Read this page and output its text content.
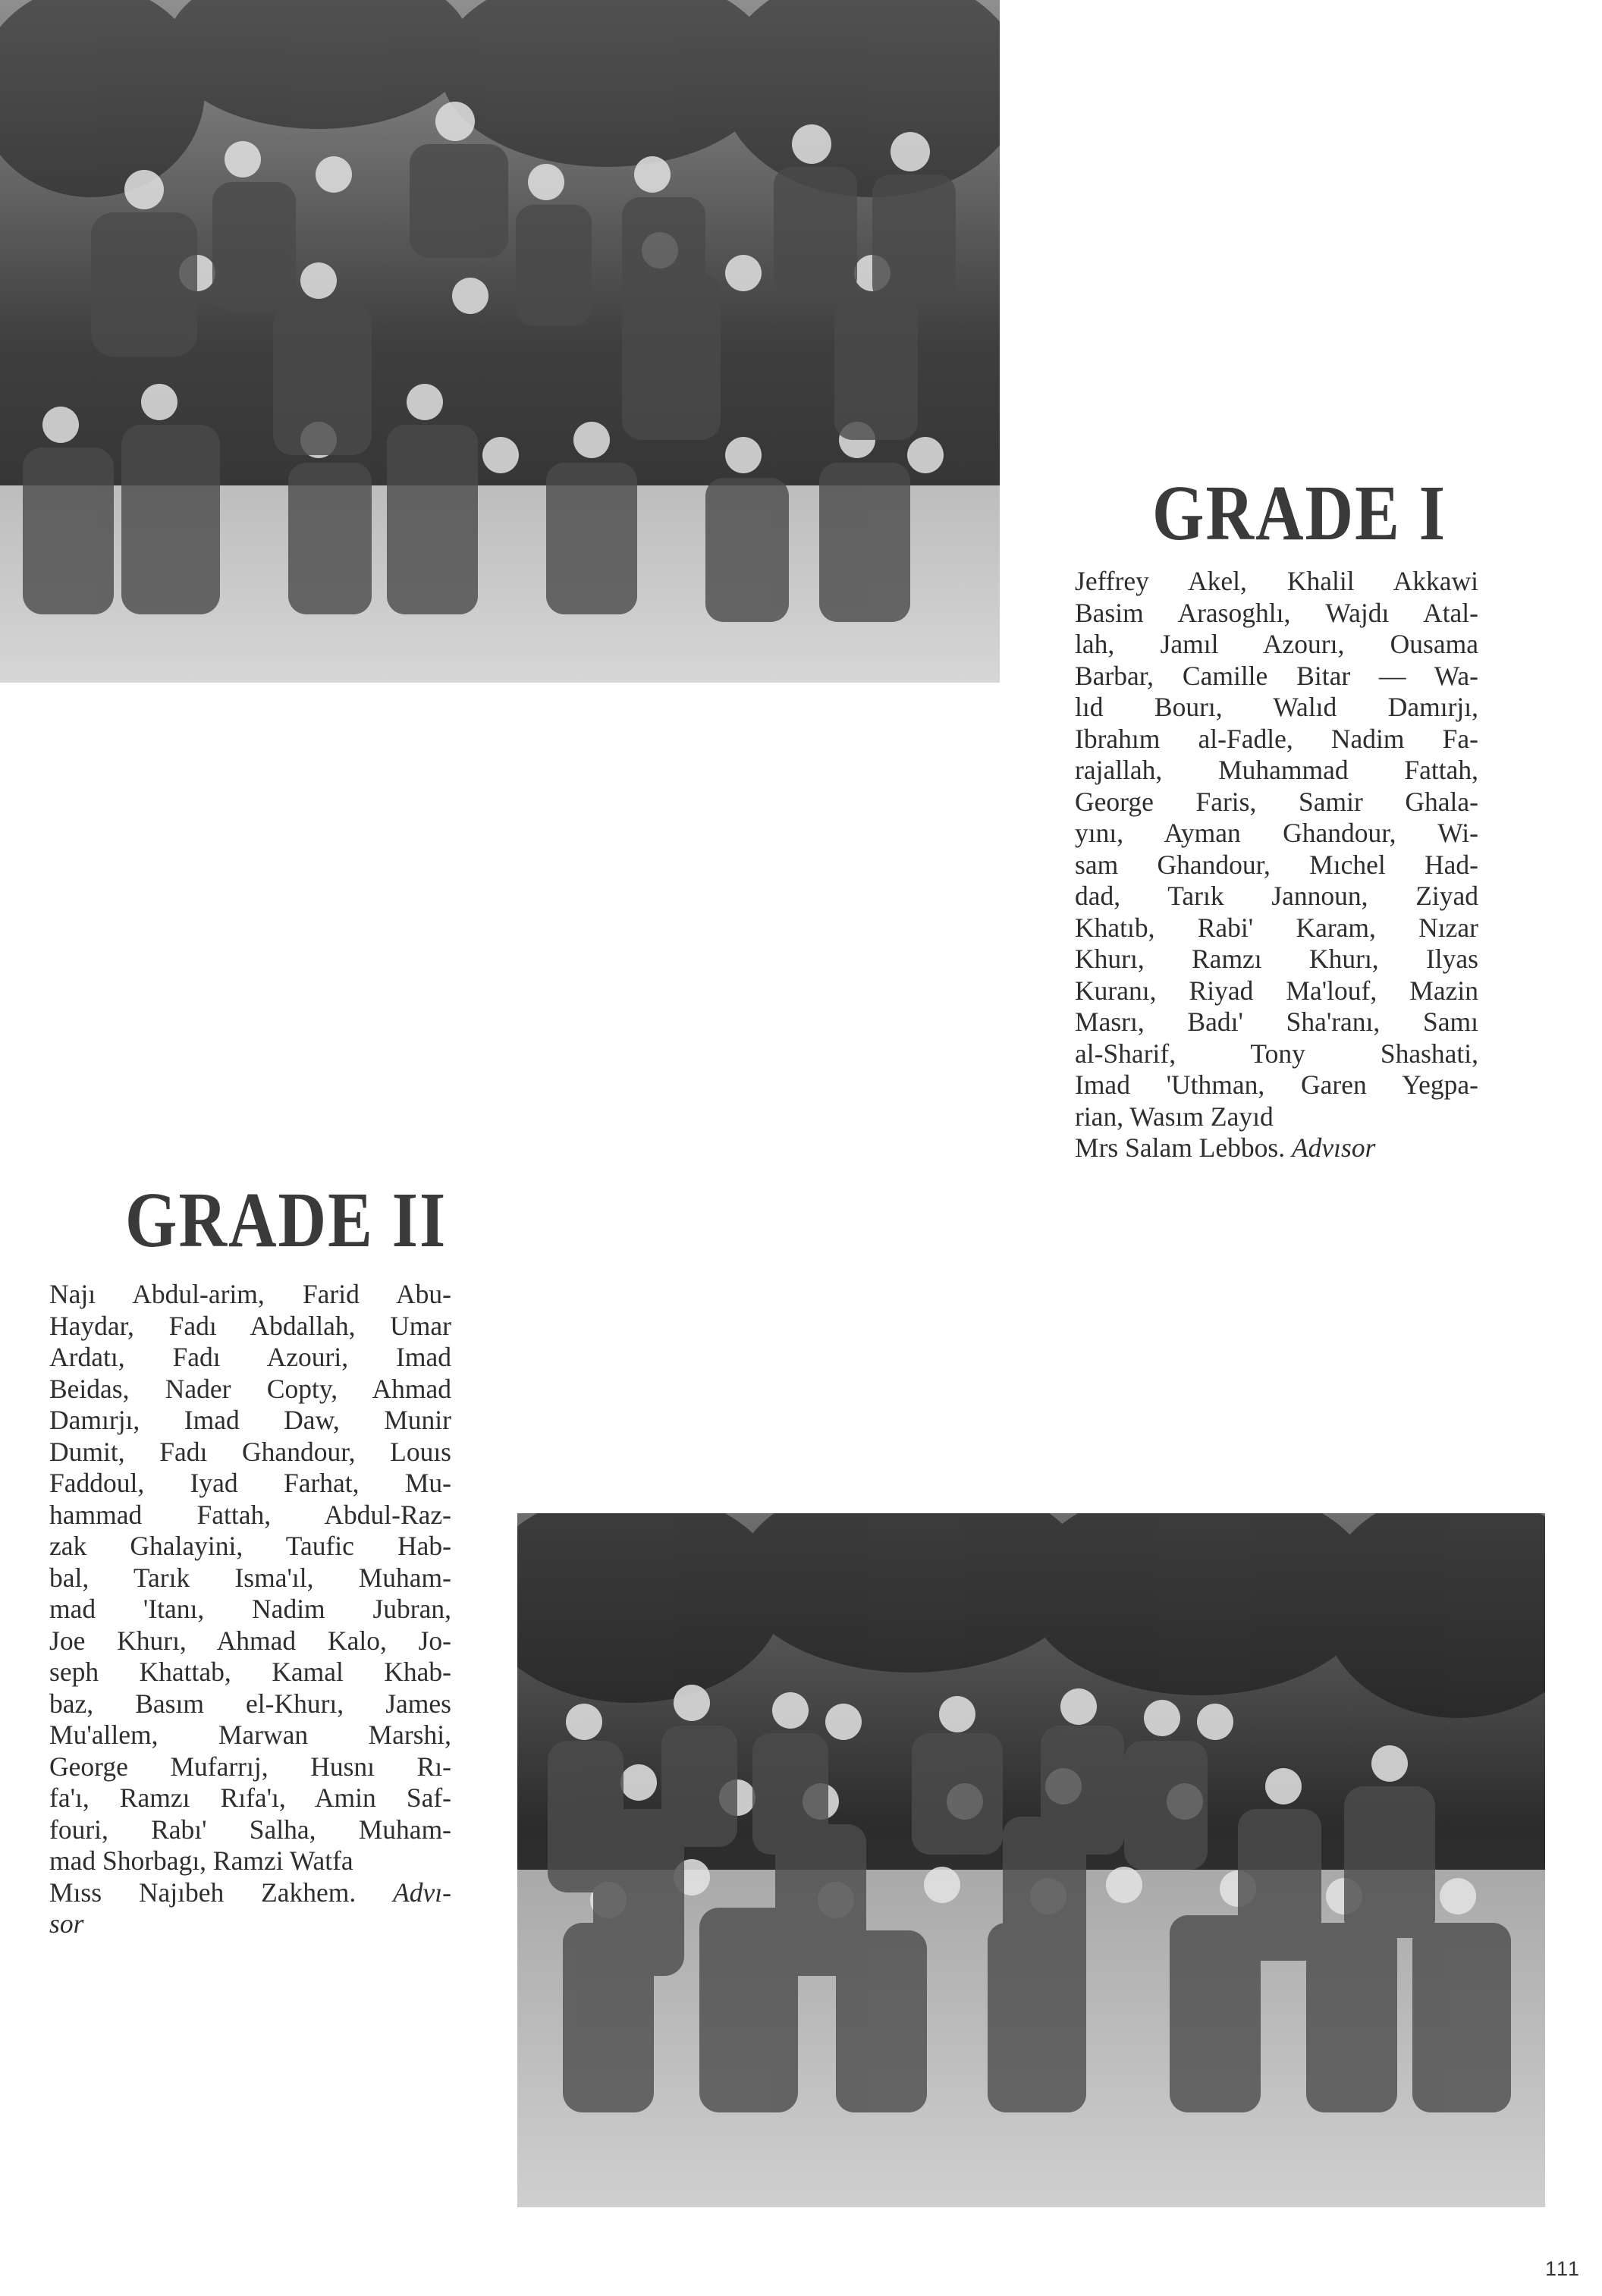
GRADE I
Jeffrey Akel, Khalil Akkawi
Basim Arasoghlı, Wajdı Atal-
lah, Jamıl Azourı, Ousama
Barbar, Camille Bitar — Wa-
lıd Bourı, Walıd Damırjı,
Ibrahım al-Fadle, Nadim Fa-
rajallah, Muhammad Fattah,
George Faris, Samir Ghala-
yını, Ayman Ghandour, Wi-
sam Ghandour, Mıchel Had-
dad, Tarık Jannoun, Ziyad
Khatıb, Rabi' Karam, Nızar
Khurı, Ramzı Khurı, Ilyas
Kuranı, Riyad Ma'louf, Mazin
Masrı, Badı' Sha'ranı, Samı
al-Sharif, Tony Shashati,
Imad 'Uthman, Garen Yegpa-
rian, Wasım Zayıd
Mrs Salam Lebbos. Advısor
GRADE II
Najı Abdul-arim, Farid Abu-
Haydar, Fadı Abdallah, Umar
Ardatı, Fadı Azouri, Imad
Beidas, Nader Copty, Ahmad
Damırjı, Imad Daw, Munir
Dumit, Fadı Ghandour, Louıs
Faddoul, Iyad Farhat, Mu-
hammad Fattah, Abdul-Raz-
zak Ghalayini, Taufic Hab-
bal, Tarık Isma'ıl, Muham-
mad 'Itanı, Nadim Jubran,
Joe Khurı, Ahmad Kalo, Jo-
seph Khattab, Kamal Khab-
baz, Basım el-Khurı, James
Mu'allem, Marwan Marshi,
George Mufarrıj, Husnı Rı-
fa'ı, Ramzı Rıfa'ı, Amin Saf-
fouri, Rabı' Salha, Muham-
mad Shorbagı, Ramzi Watfa
Mıss Najıbeh Zakhem. Advı-
sor
111
